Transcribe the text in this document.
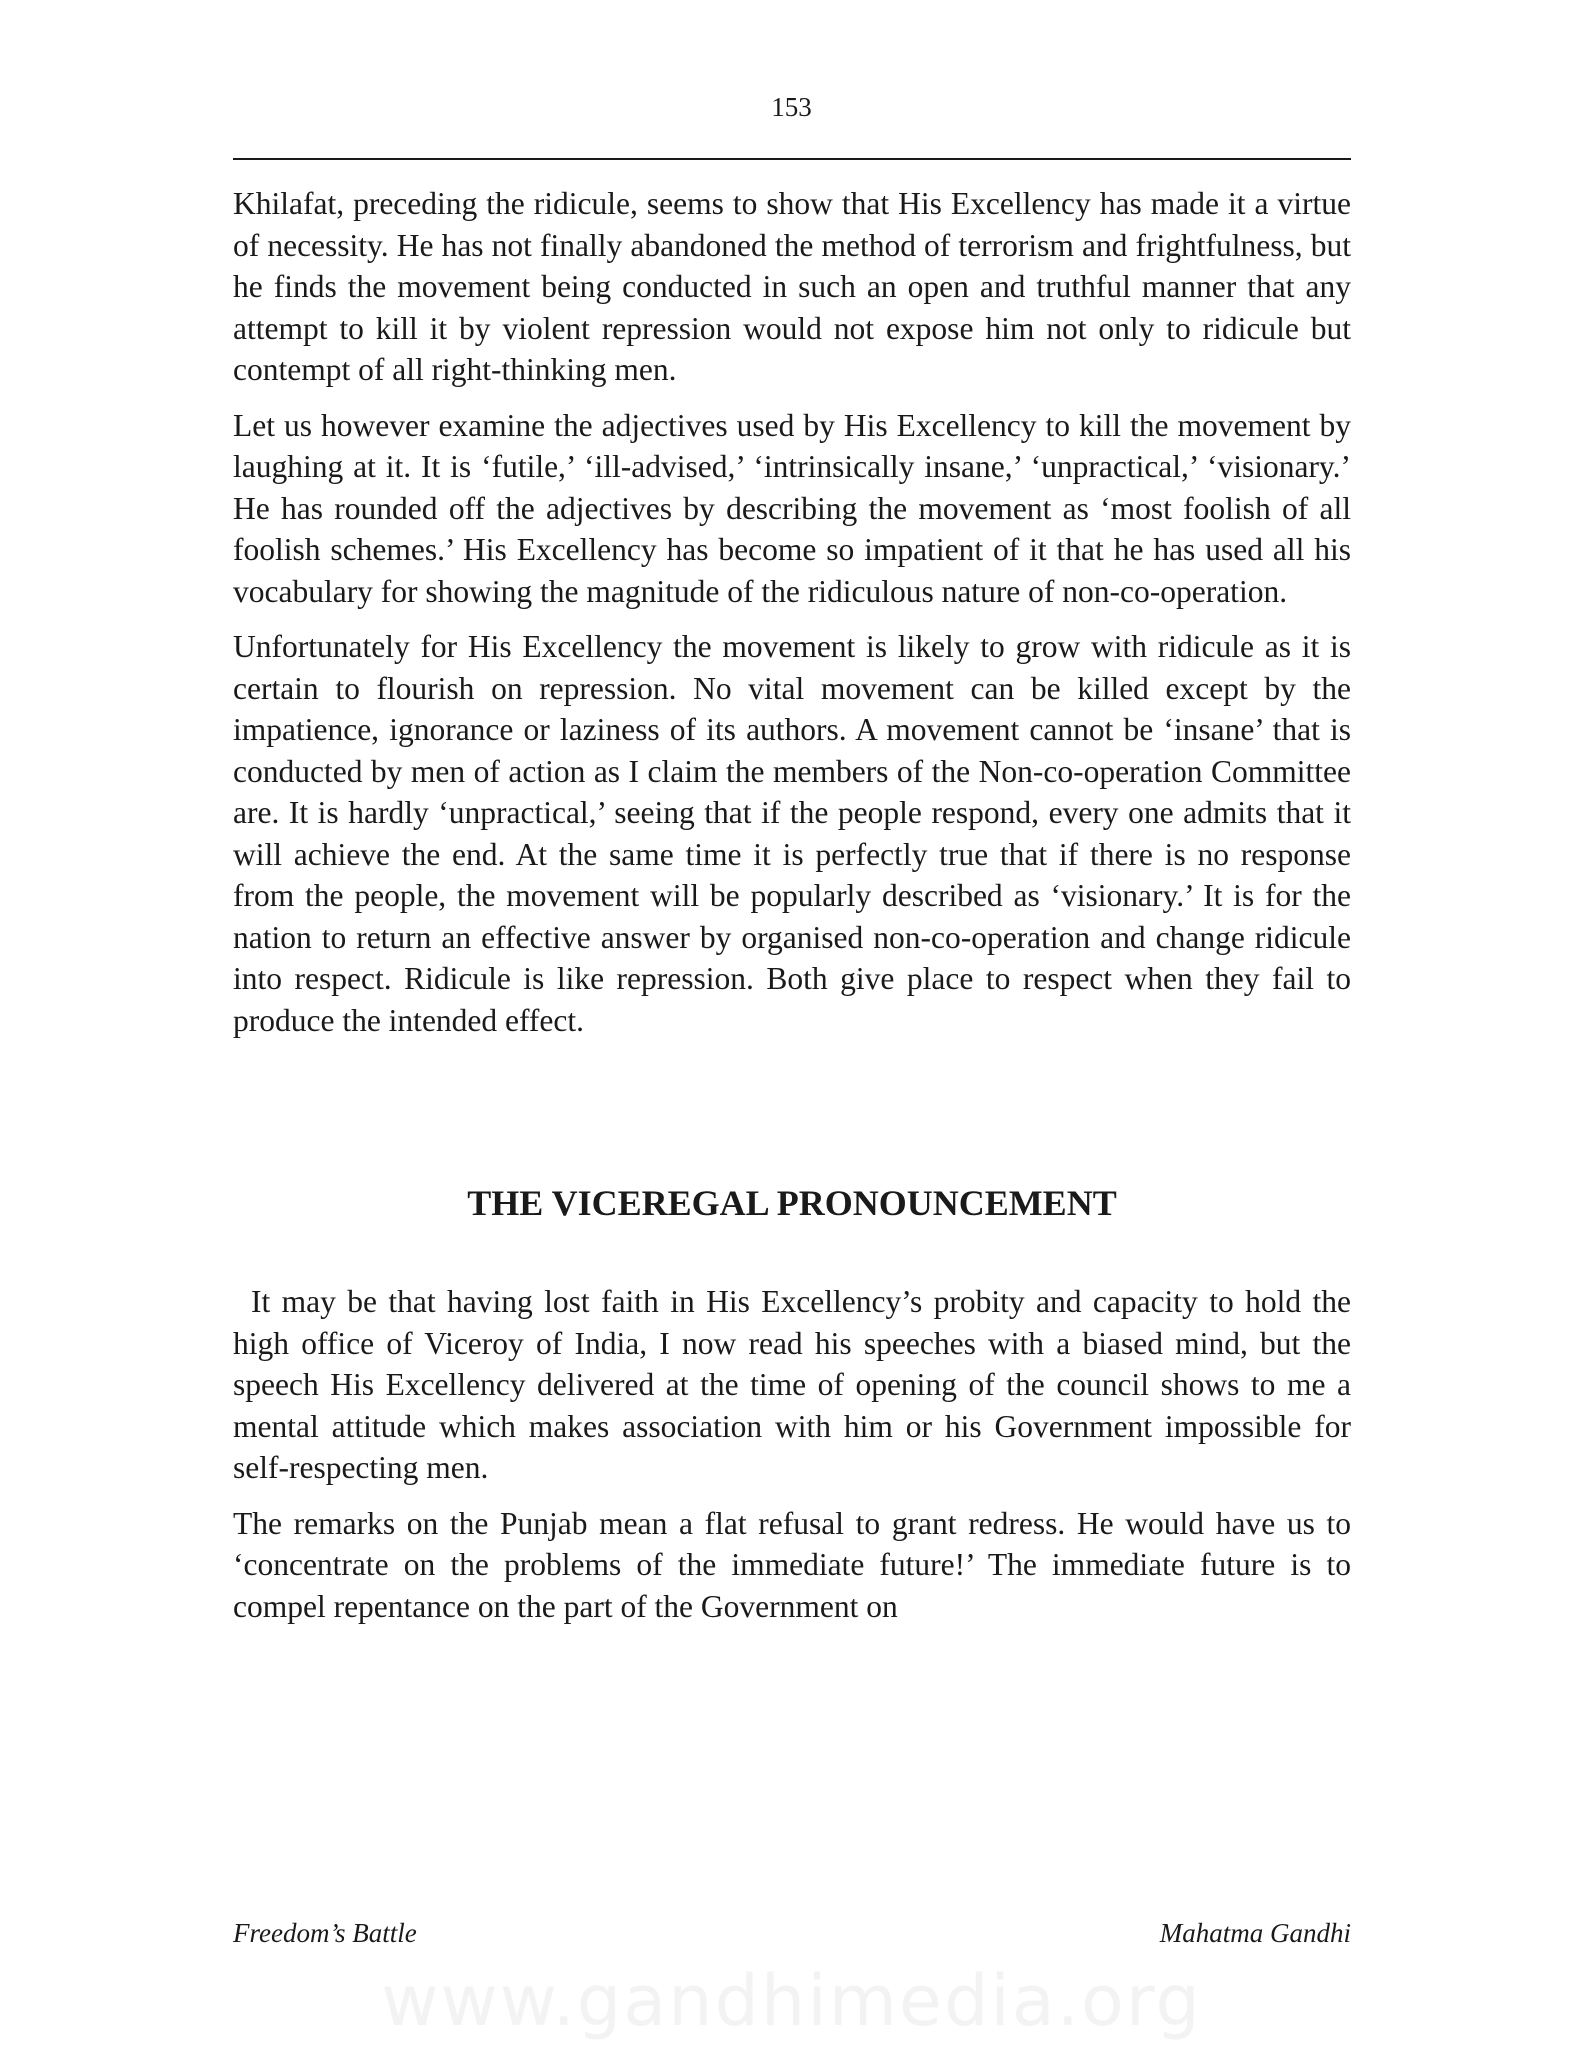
153

Khilafat, preceding the ridicule, seems to show that His Excellency has made it a virtue of necessity. He has not finally abandoned the method of terrorism and frightfulness, but he finds the movement being conducted in such an open and truthful manner that any attempt to kill it by violent repression would not expose him not only to ridicule but contempt of all right-thinking men.

Let us however examine the adjectives used by His Excellency to kill the movement by laughing at it. It is ‘futile,’ ‘ill-advised,’ ‘intrinsically insane,’ ‘unpractical,’ ‘visionary.’ He has rounded off the adjectives by describing the movement as ‘most foolish of all foolish schemes.’ His Excellency has become so impatient of it that he has used all his vocabulary for showing the magnitude of the ridiculous nature of non-co-operation.

Unfortunately for His Excellency the movement is likely to grow with ridicule as it is certain to flourish on repression. No vital movement can be killed except by the impatience, ignorance or laziness of its authors. A movement cannot be ‘insane’ that is conducted by men of action as I claim the members of the Non-co-operation Committee are. It is hardly ‘unpractical,’ seeing that if the people respond, every one admits that it will achieve the end. At the same time it is perfectly true that if there is no response from the people, the movement will be popularly described as ‘visionary.’ It is for the nation to return an effective answer by organised non-co-operation and change ridicule into respect. Ridicule is like repression. Both give place to respect when they fail to produce the intended effect.

THE VICEREGAL PRONOUNCEMENT

It may be that having lost faith in His Excellency’s probity and capacity to hold the high office of Viceroy of India, I now read his speeches with a biased mind, but the speech His Excellency delivered at the time of opening of the council shows to me a mental attitude which makes association with him or his Government impossible for self-respecting men.

The remarks on the Punjab mean a flat refusal to grant redress. He would have us to ‘concentrate on the problems of the immediate future!’ The immediate future is to compel repentance on the part of the Government on

Freedom’s Battle	Mahatma Gandhi
www.gandhimedia.org
